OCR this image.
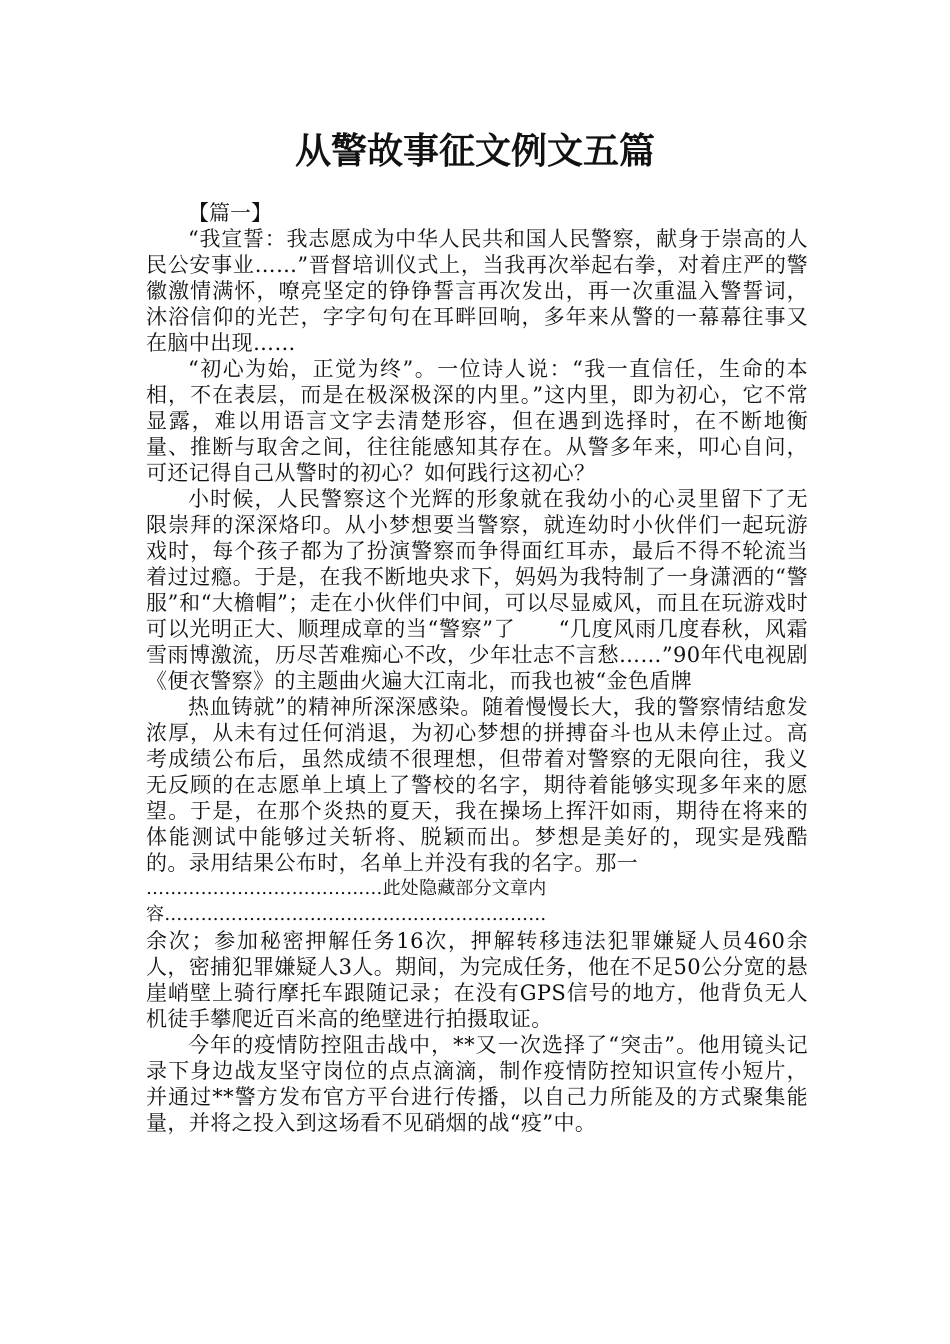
从警故事征文例文五篇

【篇一】

“我宣誓：我志愿成为中华人民共和国人民警察，献身于崇高的人民公安事业……”晋督培训仪式上，当我再次举起右拳，对着庄严的警徽激情满怀，嘹亮坚定的铮铮誓言再次发出，再一次重温入警誓词，沐浴信仰的光芒，字字句句在耳畔回响，多年来从警的一幕幕往事又在脑中出现……

“初心为始，正觉为终”。一位诗人说：“我一直信任，生命的本相，不在表层，而是在极深极深的内里。”这内里，即为初心，它不常显露，难以用语言文字去清楚形容，但在遇到选择时，在不断地衡量、推断与取舍之间，往往能感知其存在。从警多年来，叩心自问，可还记得自己从警时的初心？如何践行这初心？

小时候，人民警察这个光辉的形象就在我幼小的心灵里留下了无限崇拜的深深烙印。从小梦想要当警察，就连幼时小伙伴们一起玩游戏时，每个孩子都为了扮演警察而争得面红耳赤，最后不得不轮流当着过过瘾。于是，在我不断地央求下，妈妈为我特制了一身潇洒的“警服”和“大檐帽”；走在小伙伴们中间，可以尽显威风，而且在玩游戏时可以光明正大、顺理成章的当“警察”了　　“几度风雨几度春秋，风霜雪雨博激流，历尽苦难痴心不改，少年壮志不言愁……”90年代电视剧《便衣警察》的主题曲火遍大江南北，而我也被“金色盾牌

热血铸就”的精神所深深感染。随着慢慢长大，我的警察情结愈发浓厚，从未有过任何消退，为初心梦想的拼搏奋斗也从未停止过。高考成绩公布后，虽然成绩不很理想，但带着对警察的无限向往，我义无反顾的在志愿单上填上了警校的名字，期待着能够实现多年来的愿望。于是，在那个炎热的夏天，我在操场上挥汗如雨，期待在将来的体能测试中能够过关斩将、脱颖而出。梦想是美好的，现实是残酷的。录用结果公布时，名单上并没有我的名字。那一

…………………………………此处隐藏部分文章内容………………………………………………………

余次；参加秘密押解任务16次，押解转移违法犯罪嫌疑人员460余人，密捕犯罪嫌疑人3人。期间，为完成任务，他在不足50公分宽的悬崖峭壁上骑行摩托车跟随记录；在没有GPS信号的地方，他背负无人机徒手攀爬近百米高的绝壁进行拍摄取证。

今年的疫情防控阻击战中，**又一次选择了“突击”。他用镜头记录下身边战友坚守岗位的点点滴滴，制作疫情防控知识宣传小短片，并通过**警方发布官方平台进行传播，以自己力所能及的方式聚集能量，并将之投入到这场看不见硝烟的战“疫”中。
